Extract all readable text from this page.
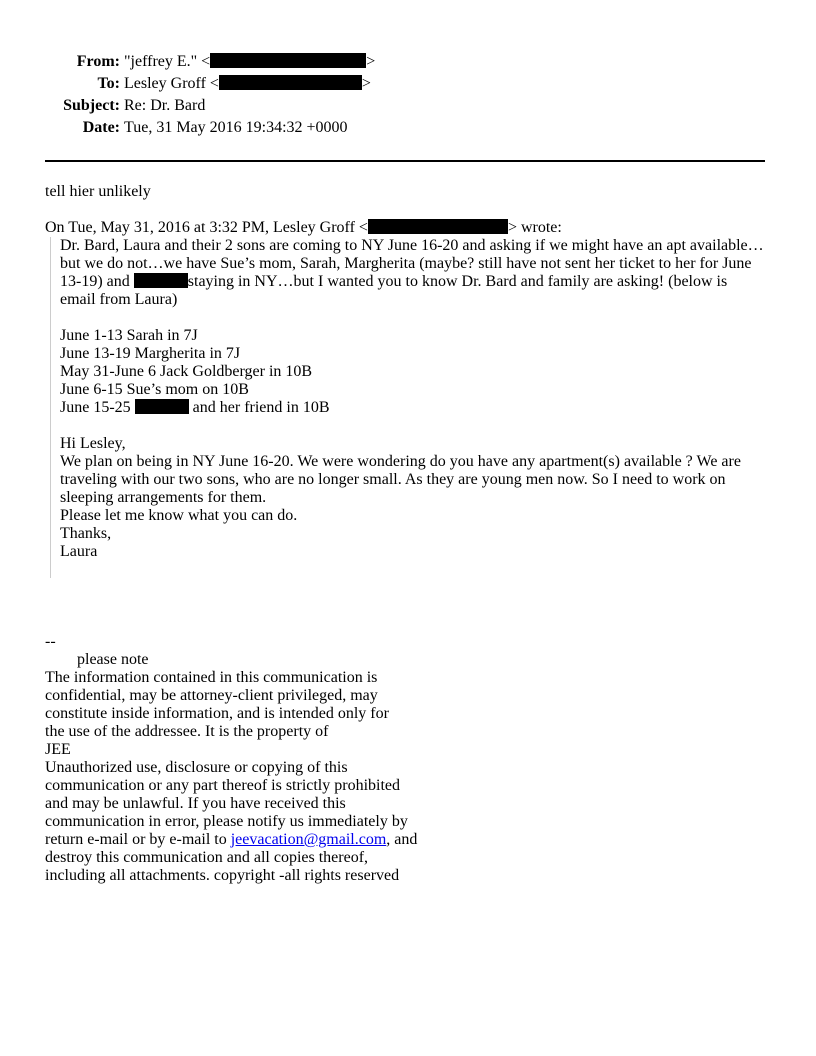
From: "jeffrey E." <	>
To: Lesley Groff <	>
Subject: Re: Dr. Bard
Date: Tue, 31 May 2016 19:34:32 +0000
tell hier unlikely
On Tue, May 31, 2016 at 3:32 PM, Lesley Groff <	> wrote:

Dr. Bard, Laura and their 2 sons are coming to NY June 16-20 and asking if we might have an apt available…

but we do not…we have Sue’s mom, Sarah, Margherita (maybe? still have not sent her ticket to her for June

13-19) and	staying in NY…but I wanted you to know Dr. Bard and family are asking! (below is

email from Laura)

June 1-13 Sarah in 7J

June 13-19 Margherita in 7J

May 31-June 6 Jack Goldberger in 10B

June 6-15 Sue’s mom on 10B

June 15-25	and her friend in 10B

Hi Lesley,

We plan on being in NY June 16-20. We were wondering do you have any apartment(s) available ? We are

traveling with our two sons, who are no longer small. As they are young men now. So I need to work on

sleeping arrangements for them.

Please let me know what you can do.

Thanks,

Laura

--
please note
The information contained in this communication is
confidential, may be attorney-client privileged, may
constitute inside information, and is intended only for
the use of the addressee. It is the property of
JEE
Unauthorized use, disclosure or copying of this
communication or any part thereof is strictly prohibited
and may be unlawful. If you have received this
communication in error, please notify us immediately by
return e-mail or by e-mail to jeevacation@gmail.com, and
destroy this communication and all copies thereof,
including all attachments. copyright -all rights reserved
